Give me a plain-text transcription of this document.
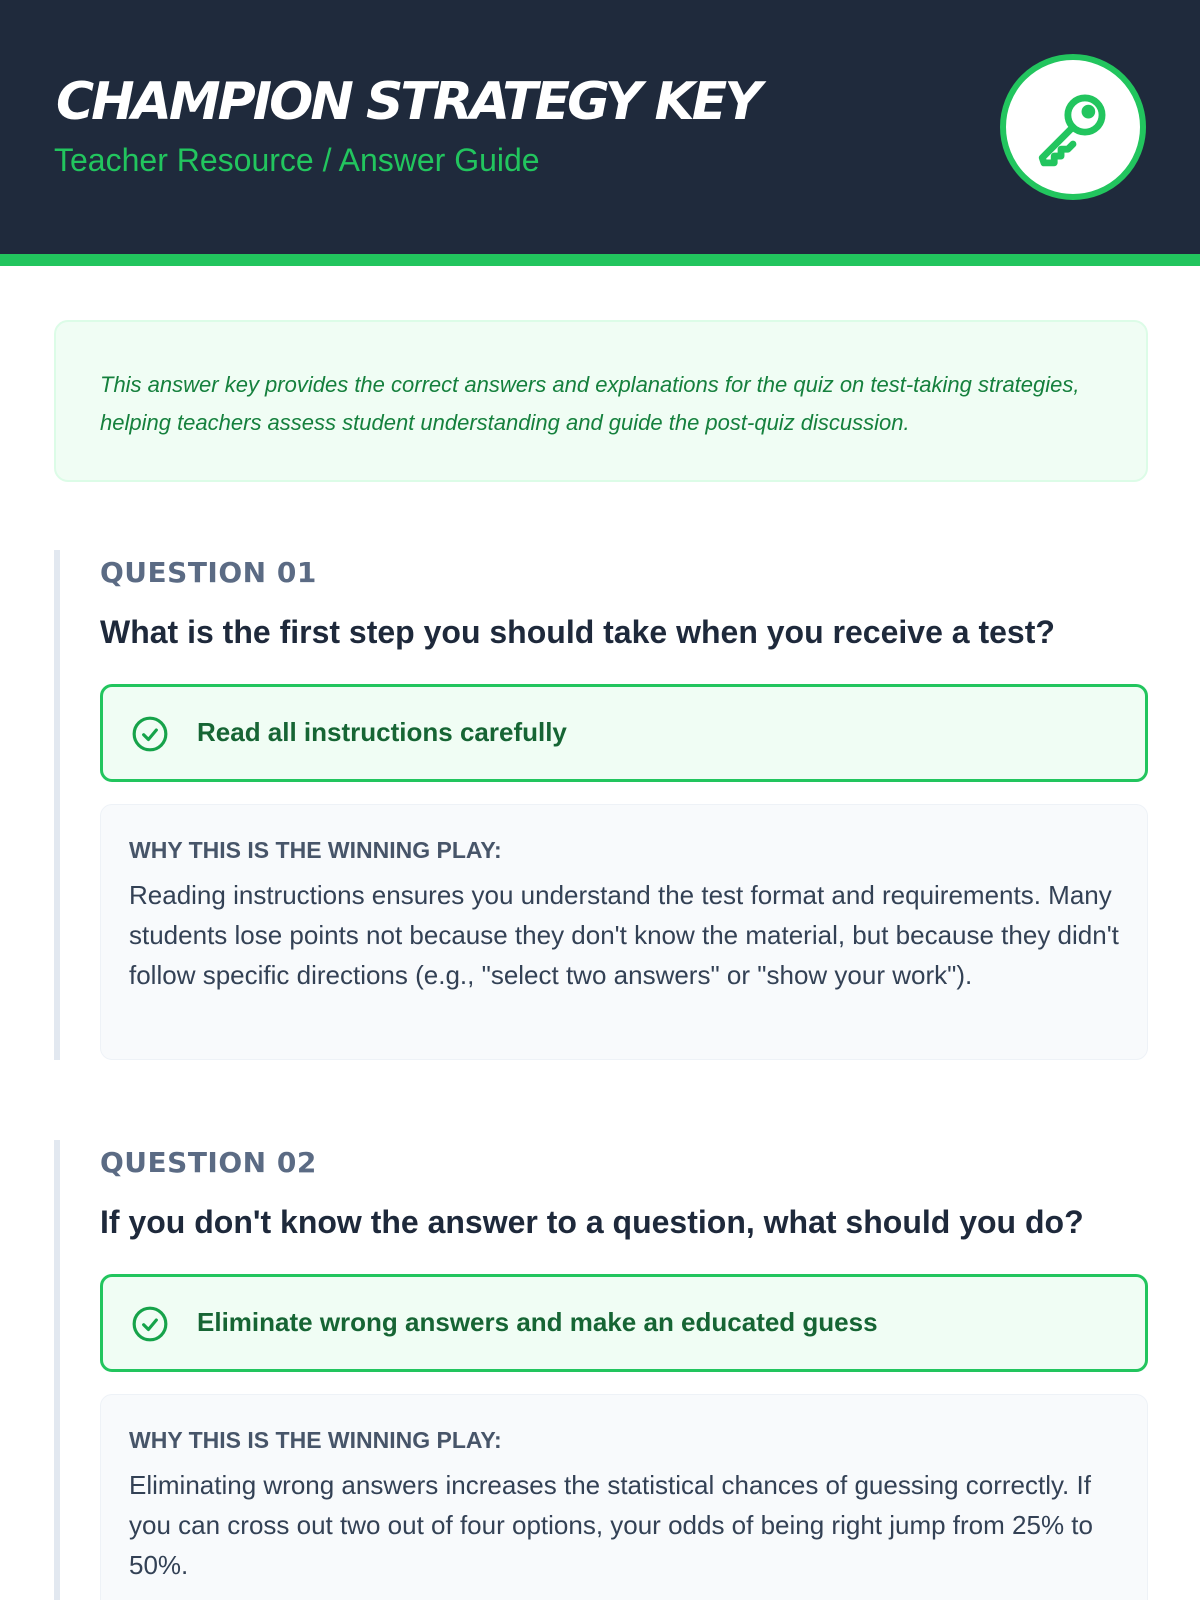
CHAMPION STRATEGY KEY
Teacher Resource / Answer Guide

This answer key provides the correct answers and explanations for the quiz on test-taking strategies, helping teachers assess student understanding and guide the post-quiz discussion.

QUESTION 01
What is the first step you should take when you receive a test?
Read all instructions carefully
WHY THIS IS THE WINNING PLAY:
Reading instructions ensures you understand the test format and requirements. Many students lose points not because they don't know the material, but because they didn't follow specific directions (e.g., "select two answers" or "show your work").
QUESTION 02
If you don't know the answer to a question, what should you do?
Eliminate wrong answers and make an educated guess
WHY THIS IS THE WINNING PLAY:
Eliminating wrong answers increases the statistical chances of guessing correctly. If you can cross out two out of four options, your odds of being right jump from 25% to 50%.
